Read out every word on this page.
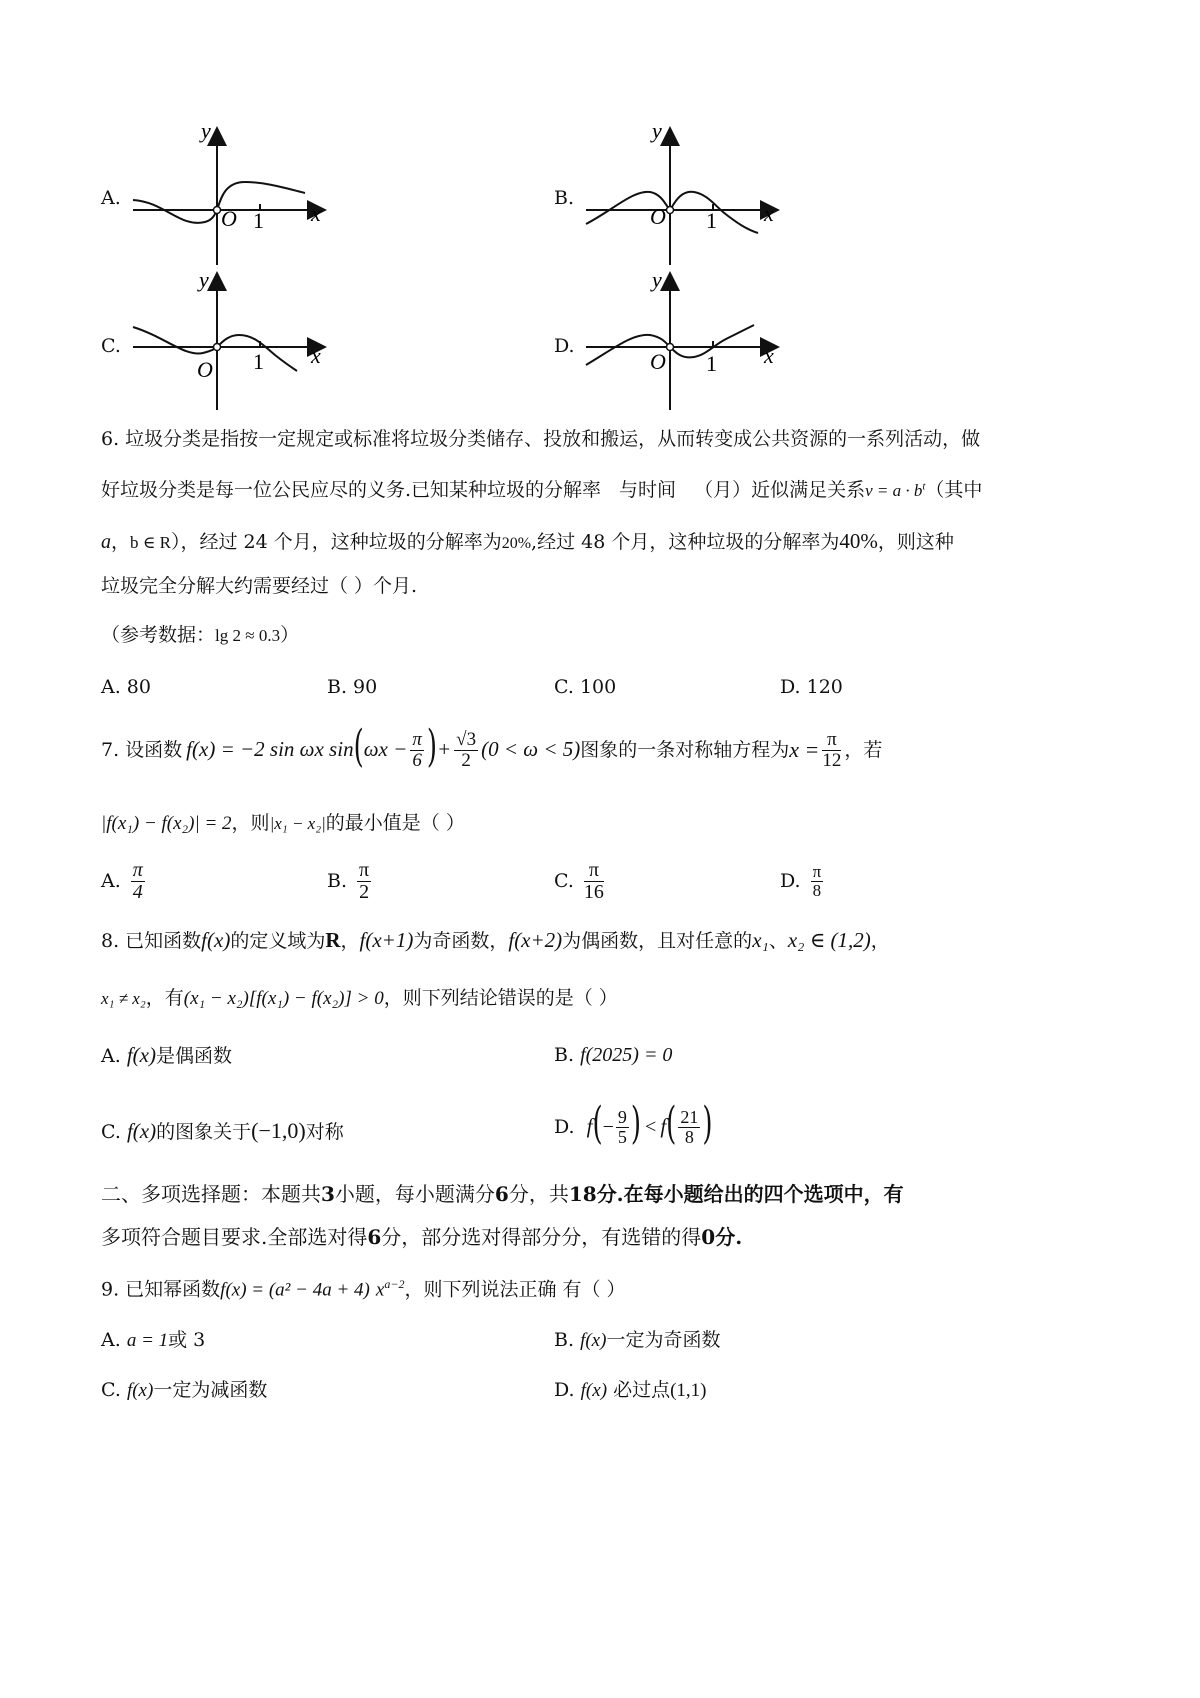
A.
y
x
O 1
B.
y
x
O 1
C.
y
x
O 1
D.
y
x
O 1
6. 垃圾分类是指按一定规定或标准将垃圾分类储存、投放和搬运，从而转变成公共资源的一系列活动，做
好垃圾分类是每一位公民应尽的义务.已知某种垃圾的分解率 与时间 （月）近似满足关系$v = a \cdot b^t$（其中
a，b ∈ R），经过 24 个月，这种垃圾的分解率为20%,经过 48 个月，这种垃圾的分解率为40%，则这种
垃圾完全分解大约需要经过（ ）个月.
（参考数据：lg 2 ≈ 0.3）
A. 80	B. 90	C. 100	D. 120
7. 设函数 f(x) = −2 sin ωx sin ( $\omega x - \frac{\pi}{6}$ ) + $\frac{√3}{2} (0 < \omega < 5)$ 图象的一条对称轴方程为 $x = \frac{\pi}{12}$ ，若
|f(x₁) − f(x₂)| = 2，则|x₁ − x₂|的最小值是（ ）
A. $\frac{\pi}{4}$	B. $\frac{\pi}{2}$	C. $\frac{\pi}{16}$	D. $\frac{\pi}{8}$
8. 已知函数f(x)的定义域为R，f(x+1)为奇函数，f(x+2)为偶函数，且对任意的x₁、x₂ ∈ (1,2)，
x₁ ≠ x₂，有(x₁ − x₂)[f(x₁) − f(x₂)] > 0，则下列结论错误的是（ ）
A. f(x)是偶函数	B. f(2025) = 0
C. f(x)的图象关于(−1,0)对称	D. f ( − $\frac{9}{5}$ ) < f ( $\frac{21}{8}$ )
二、多项选择题：本题共3小题，每小题满分6分，共18分.在每小题给出的四个选项中，有
多项符合题目要求.全部选对得6分，部分选对得部分分，有选错的得0分.
9. 已知幂函数f(x) = (a² − 4a + 4) $x^{a-2}$，则下列说法正确 有（ ）
A. a = 1或 3	B. f(x)一定为奇函数
C. f(x)一定为减函数	D. f(x) 必过点(1,1)
